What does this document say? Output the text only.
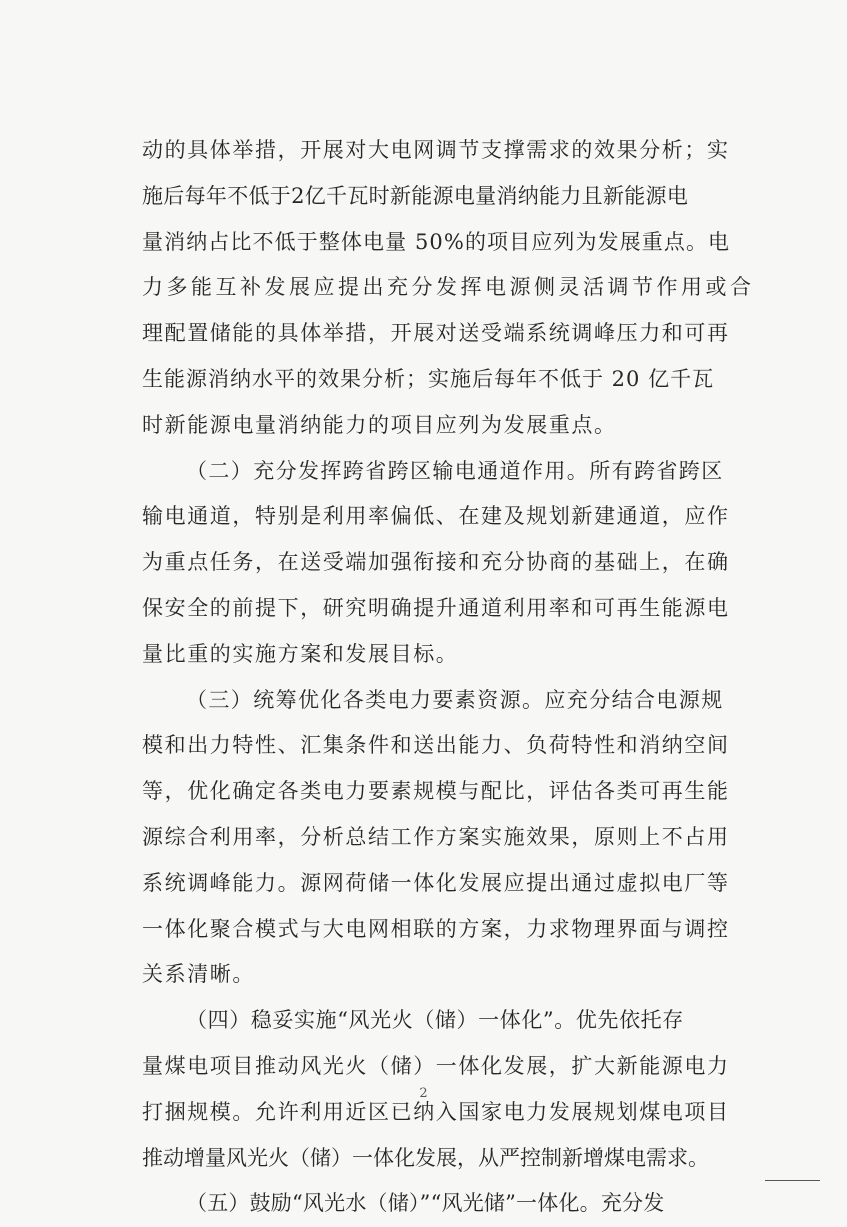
动的具体举措，开展对大电网调节支撑需求的效果分析；实
施后每年不低于2亿千瓦时新能源电量消纳能力且新能源电
量消纳占比不低于整体电量 50%的项目应列为发展重点。电
力多能互补发展应提出充分发挥电源侧灵活调节作用或合
理配置储能的具体举措，开展对送受端系统调峰压力和可再
生能源消纳水平的效果分析；实施后每年不低于 20 亿千瓦
时新能源电量消纳能力的项目应列为发展重点。
（二）充分发挥跨省跨区输电通道作用。所有跨省跨区
输电通道，特别是利用率偏低、在建及规划新建通道，应作
为重点任务，在送受端加强衔接和充分协商的基础上，在确
保安全的前提下，研究明确提升通道利用率和可再生能源电
量比重的实施方案和发展目标。
（三）统筹优化各类电力要素资源。应充分结合电源规
模和出力特性、汇集条件和送出能力、负荷特性和消纳空间
等，优化确定各类电力要素规模与配比，评估各类可再生能
源综合利用率，分析总结工作方案实施效果，原则上不占用
系统调峰能力。源网荷储一体化发展应提出通过虚拟电厂等
一体化聚合模式与大电网相联的方案，力求物理界面与调控
关系清晰。
（四）稳妥实施“风光火（储）一体化”。优先依托存
量煤电项目推动风光火（储）一体化发展，扩大新能源电力
打捆规模。允许利用近区已纳入国家电力发展规划煤电项目
推动增量风光火（储）一体化发展，从严控制新增煤电需求。
（五）鼓励“风光水（储）”“风光储”一体化。充分发
2
